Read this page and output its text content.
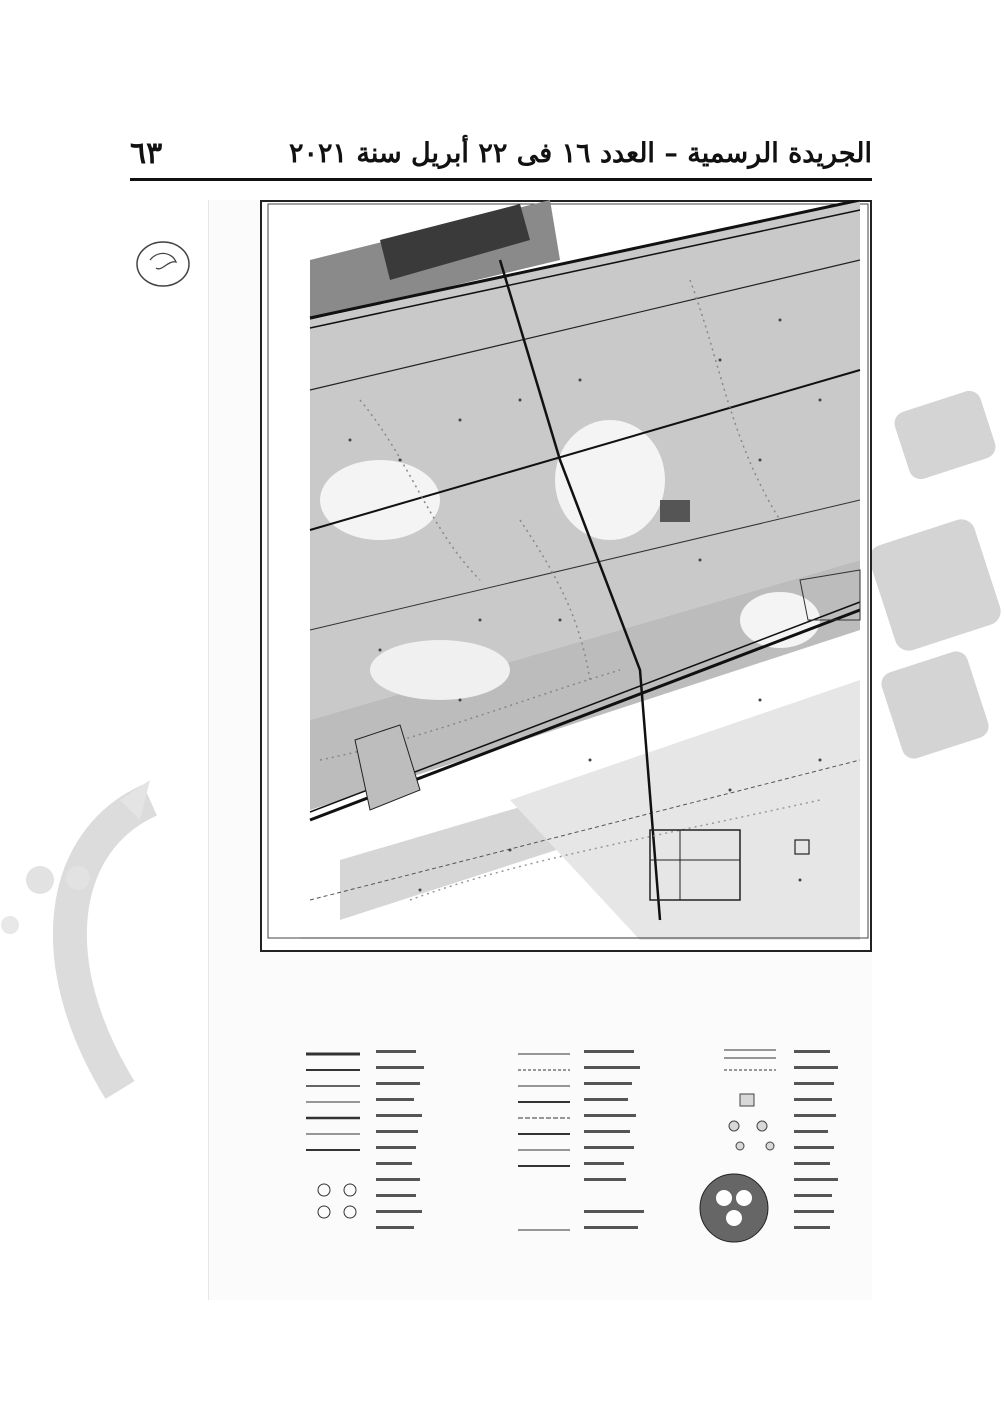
٦٣	الجريدة الرسمية – العدد ١٦ فى ٢٢ أبريل سنة ٢٠٢١
